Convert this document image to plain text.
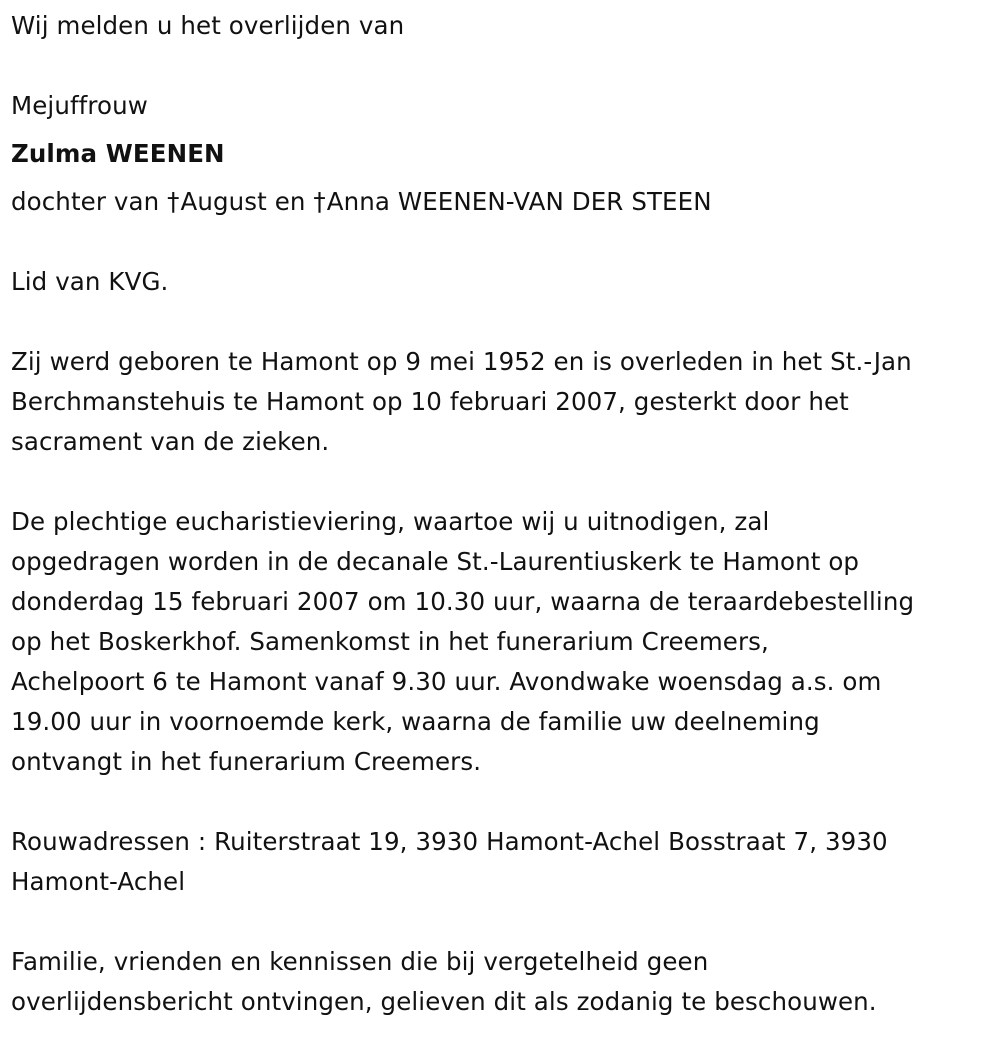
Wij melden u het overlijden van

Mejuffrouw

Zulma WEENEN

dochter van †August en †Anna WEENEN-VAN DER STEEN

Lid van KVG.

Zij werd geboren te Hamont op 9 mei 1952 en is overleden in het St.-Jan

Berchmanstehuis te Hamont op 10 februari 2007, gesterkt door het

sacrament van de zieken.

De plechtige eucharistieviering, waartoe wij u uitnodigen, zal

opgedragen worden in de decanale St.-Laurentiuskerk te Hamont op

donderdag 15 februari 2007 om 10.30 uur, waarna de teraardebestelling

op het Boskerkhof. Samenkomst in het funerarium Creemers,

Achelpoort 6 te Hamont vanaf 9.30 uur. Avondwake woensdag a.s. om

19.00 uur in voornoemde kerk, waarna de familie uw deelneming

ontvangt in het funerarium Creemers.

Rouwadressen : Ruiterstraat 19, 3930 Hamont-Achel Bosstraat 7, 3930

Hamont-Achel

Familie, vrienden en kennissen die bij vergetelheid geen

overlijdensbericht ontvingen, gelieven dit als zodanig te beschouwen.
